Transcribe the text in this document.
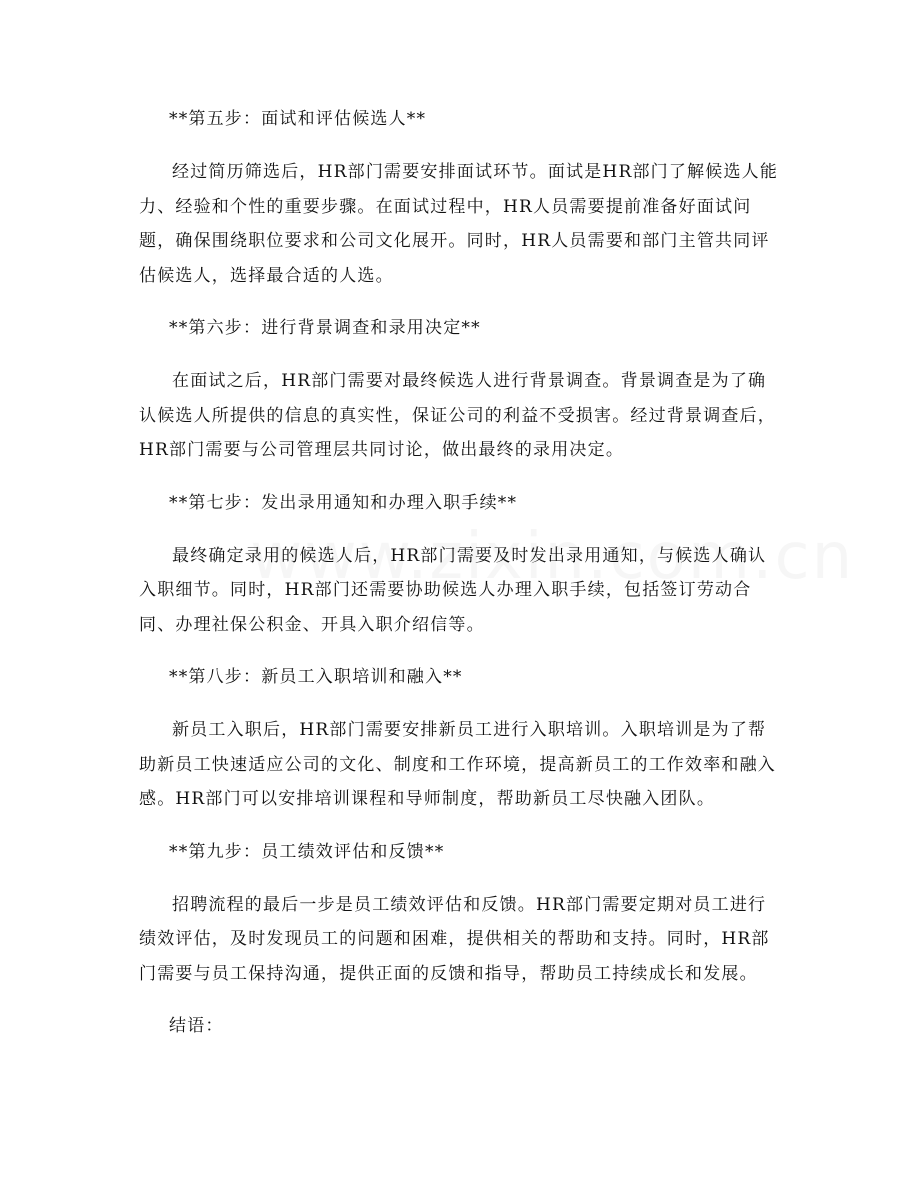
**第五步：面试和评估候选人**

经过简历筛选后，HR部门需要安排面试环节。面试是HR部门了解候选人能力、经验和个性的重要步骤。在面试过程中，HR人员需要提前准备好面试问题，确保围绕职位要求和公司文化展开。同时，HR人员需要和部门主管共同评估候选人，选择最合适的人选。

**第六步：进行背景调查和录用决定**

在面试之后，HR部门需要对最终候选人进行背景调查。背景调查是为了确认候选人所提供的信息的真实性，保证公司的利益不受损害。经过背景调查后，HR部门需要与公司管理层共同讨论，做出最终的录用决定。

**第七步：发出录用通知和办理入职手续**

最终确定录用的候选人后，HR部门需要及时发出录用通知，与候选人确认入职细节。同时，HR部门还需要协助候选人办理入职手续，包括签订劳动合同、办理社保公积金、开具入职介绍信等。

**第八步：新员工入职培训和融入**

新员工入职后，HR部门需要安排新员工进行入职培训。入职培训是为了帮助新员工快速适应公司的文化、制度和工作环境，提高新员工的工作效率和融入感。HR部门可以安排培训课程和导师制度，帮助新员工尽快融入团队。

**第九步：员工绩效评估和反馈**

招聘流程的最后一步是员工绩效评估和反馈。HR部门需要定期对员工进行绩效评估，及时发现员工的问题和困难，提供相关的帮助和支持。同时，HR部门需要与员工保持沟通，提供正面的反馈和指导，帮助员工持续成长和发展。

结语：
